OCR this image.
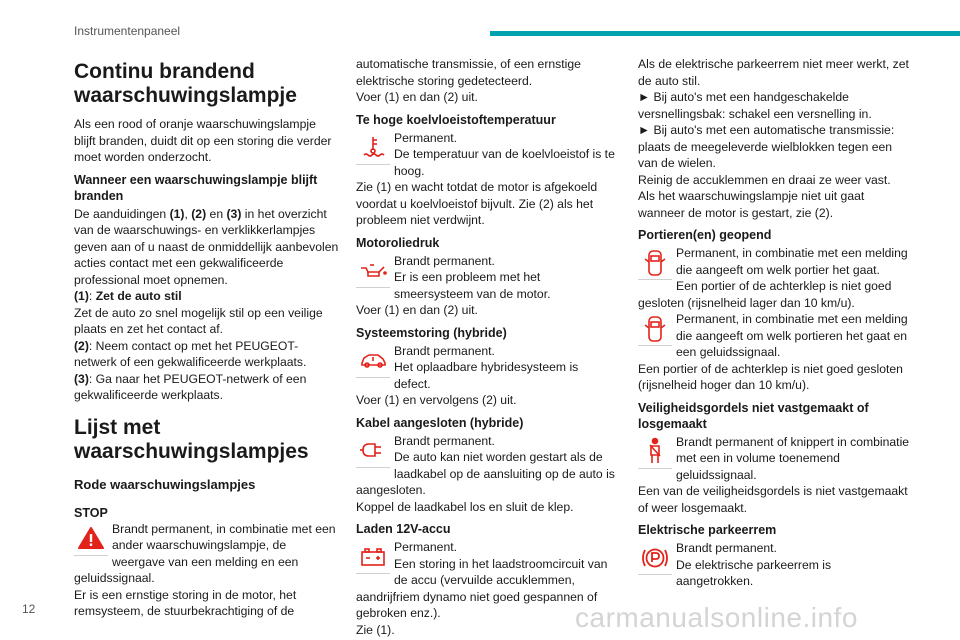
Instrumentenpaneel
Continu brandend waarschuwingslampje

Als een rood of oranje waarschuwingslampje blijft branden, duidt dit op een storing die verder moet worden onderzocht.

Wanneer een waarschuwingslampje blijft branden

De aanduidingen (1), (2) en (3) in het overzicht van de waarschuwings- en verklikkerlampjes geven aan of u naast de onmiddellijk aanbevolen acties contact met een gekwalificeerde professional moet opnemen.

(1): Zet de auto stil
Zet de auto zo snel mogelijk stil op een veilige plaats en zet het contact af.
(2): Neem contact op met het PEUGEOT-netwerk of een gekwalificeerde werkplaats.
(3): Ga naar het PEUGEOT-netwerk of een gekwalificeerde werkplaats.
Lijst met waarschuwingslampjes
Rode waarschuwingslampjes
STOP
Brandt permanent, in combinatie met een ander waarschuwingslampje, de weergave van een melding en een geluidssignaal.
Er is een ernstige storing in de motor, het remsysteem, de stuurbekrachtiging of de
automatische transmissie, of een ernstige elektrische storing gedetecteerd.
Voer (1) en dan (2) uit.
Te hoge koelvloeistoftemperatuur
Permanent.
De temperatuur van de koelvloeistof is te hoog.
Zie (1) en wacht totdat de motor is afgekoeld voordat u koelvloeistof bijvult. Zie (2) als het probleem niet verdwijnt.
Motoroliedruk
Brandt permanent.
Er is een probleem met het smeersysteem van de motor.
Voer (1) en dan (2) uit.
Systeemstoring (hybride)
Brandt permanent.
Het oplaadbare hybridesysteem is defect.
Voer (1) en vervolgens (2) uit.
Kabel aangesloten (hybride)
Brandt permanent.
De auto kan niet worden gestart als de laadkabel op de aansluiting op de auto is aangesloten.
Koppel de laadkabel los en sluit de klep.
Laden 12V-accu
Permanent.
Een storing in het laadstroomcircuit van de accu (vervuilde accuklemmen, aandrijfriem dynamo niet goed gespannen of gebroken enz.).
Zie (1).
Als de elektrische parkeerrem niet meer werkt, zet de auto stil.
► Bij auto's met een handgeschakelde versnellingsbak: schakel een versnelling in.
► Bij auto's met een automatische transmissie: plaats de meegeleverde wielblokken tegen een van de wielen.
Reinig de accuklemmen en draai ze weer vast.
Als het waarschuwingslampje niet uit gaat wanneer de motor is gestart, zie (2).
Portieren(en) geopend
Permanent, in combinatie met een melding die aangeeft om welk portier het gaat.
Een portier of de achterklep is niet goed gesloten (rijsnelheid lager dan 10 km/u).
Permanent, in combinatie met een melding die aangeeft om welk portieren het gaat en een geluidssignaal.
Een portier of de achterklep is niet goed gesloten (rijsnelheid hoger dan 10 km/u).
Veiligheidsgordels niet vastgemaakt of losgemaakt
Brandt permanent of knippert in combinatie met een in volume toenemend geluidssignaal.
Een van de veiligheidsgordels is niet vastgemaakt of weer losgemaakt.
Elektrische parkeerrem
Brandt permanent.
De elektrische parkeerrem is aangetrokken.
12	carmanualsonline.info
